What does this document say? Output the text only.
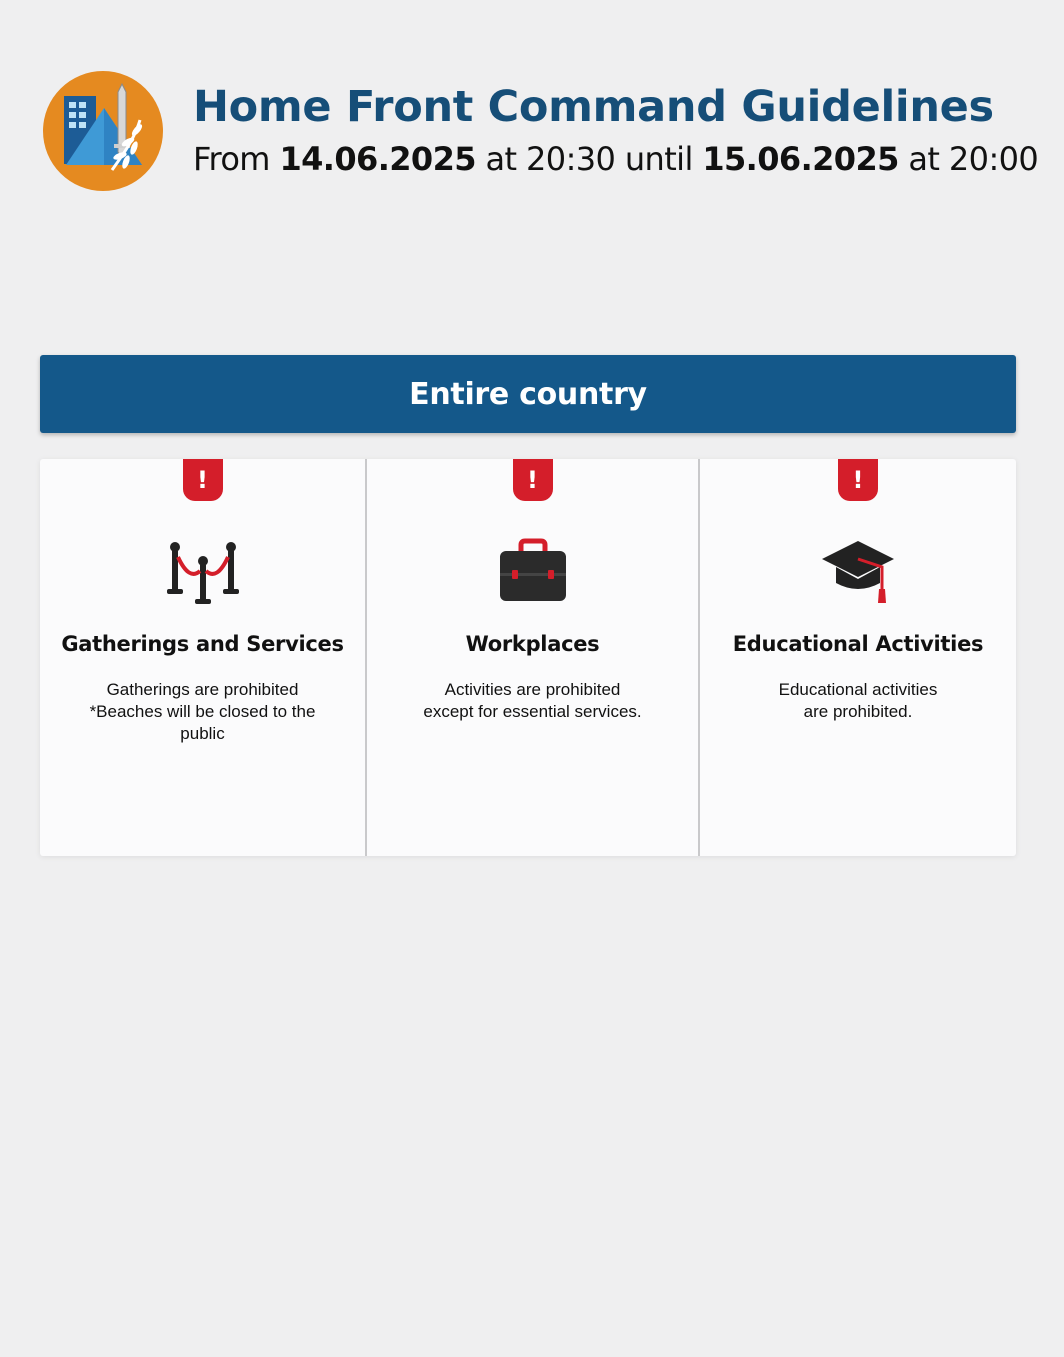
Home Front Command Guidelines
From 14.06.2025 at 20:30 until 15.06.2025 at 20:00
Entire country
!
Gatherings and Services
Gatherings are prohibited
*Beaches will be closed to the
public
!
Workplaces
Activities are prohibited
except for essential services.
!
Educational Activities
Educational activities
are prohibited.
